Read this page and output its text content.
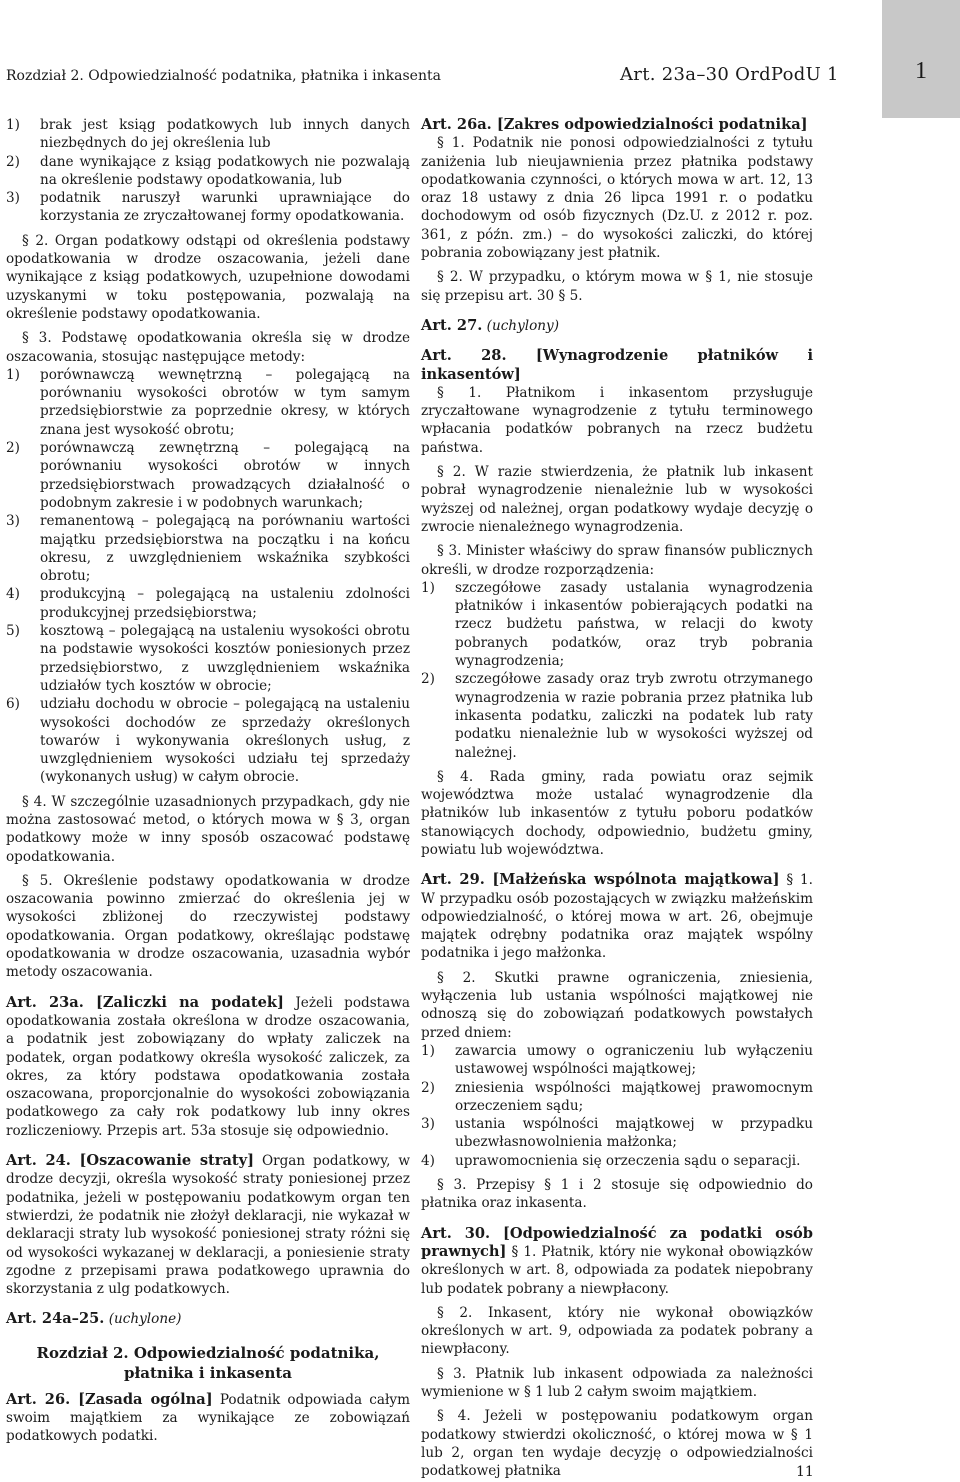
Rozdział 2. Odpowiedzialność podatnika, płatnika i inkasenta	Art. 23a–30 OrdPodU 1	1
1)	brak jest ksiąg podatkowych lub innych danych niezbędnych do jej określenia lub
2)	dane wynikające z ksiąg podatkowych nie pozwalają na określenie podstawy opodatkowania, lub
3)	podatnik naruszył warunki uprawniające do korzystania ze zryczałtowanej formy opodatkowania.

§ 2. Organ podatkowy odstąpi od określenia podstawy opodatkowania w drodze oszacowania, jeżeli dane wynikające z ksiąg podatkowych, uzupełnione dowodami uzyskanymi w toku postępowania, pozwalają na określenie podstawy opodatkowania.

§ 3. Podstawę opodatkowania określa się w drodze oszacowania, stosując następujące metody:

1)	porównawczą wewnętrzną – polegającą na porównaniu wysokości obrotów w tym samym przedsiębiorstwie za poprzednie okresy, w których znana jest wysokość obrotu;
2)	porównawczą zewnętrzną – polegającą na porównaniu wysokości obrotów w innych przedsiębiorstwach prowadzących działalność o podobnym zakresie i w podobnych warunkach;
3)	remanentową – polegającą na porównaniu wartości majątku przedsiębiorstwa na początku i na końcu okresu, z uwzględnieniem wskaźnika szybkości obrotu;
4)	produkcyjną – polegającą na ustaleniu zdolności produkcyjnej przedsiębiorstwa;
5)	kosztową – polegającą na ustaleniu wysokości obrotu na podstawie wysokości kosztów poniesionych przez przedsiębiorstwo, z uwzględnieniem wskaźnika udziałów tych kosztów w obrocie;
6)	udziału dochodu w obrocie – polegającą na ustaleniu wysokości dochodów ze sprzedaży określonych towarów i wykonywania określonych usług, z uwzględnieniem wysokości udziału tej sprzedaży (wykonanych usług) w całym obrocie.

§ 4. W szczególnie uzasadnionych przypadkach, gdy nie można zastosować metod, o których mowa w § 3, organ podatkowy może w inny sposób oszacować podstawę opodatkowania.

§ 5. Określenie podstawy opodatkowania w drodze oszacowania powinno zmierzać do określenia jej w wysokości zbliżonej do rzeczywistej podstawy opodatkowania. Organ podatkowy, określając podstawę opodatkowania w drodze oszacowania, uzasadnia wybór metody oszacowania.

Art. 23a. [Zaliczki na podatek] Jeżeli podstawa opodatkowania została określona w drodze oszacowania, a podatnik jest zobowiązany do wpłaty zaliczek na podatek, organ podatkowy określa wysokość zaliczek, za okres, za który podstawa opodatkowania została oszacowana, proporcjonalnie do wysokości zobowiązania podatkowego za cały rok podatkowy lub inny okres rozliczeniowy. Przepis art. 53a stosuje się odpowiednio.

Art. 24. [Oszacowanie straty] Organ podatkowy, w drodze decyzji, określa wysokość straty poniesionej przez podatnika, jeżeli w postępowaniu podatkowym organ ten stwierdzi, że podatnik nie złożył deklaracji, nie wykazał w deklaracji straty lub wysokość poniesionej straty różni się od wysokości wykazanej w deklaracji, a poniesienie straty zgodne z przepisami prawa podatkowego uprawnia do skorzystania z ulg podatkowych.

Art. 24a–25. (uchylone)

Rozdział 2. Odpowiedzialność podatnika, płatnika i inkasenta

Art. 26. [Zasada ogólna] Podatnik odpowiada całym swoim majątkiem za wynikające ze zobowiązań podatkowych podatki.

Art. 26a. [Zakres odpowiedzialności podatnika]

§ 1. Podatnik nie ponosi odpowiedzialności z tytułu zaniżenia lub nieujawnienia przez płatnika podstawy opodatkowania czynności, o których mowa w art. 12, 13 oraz 18 ustawy z dnia 26 lipca 1991 r. o podatku dochodowym od osób fizycznych (Dz.U. z 2012 r. poz. 361, z późn. zm.) – do wysokości zaliczki, do której pobrania zobowiązany jest płatnik.

§ 2. W przypadku, o którym mowa w § 1, nie stosuje się przepisu art. 30 § 5.

Art. 27. (uchylony)

Art. 28. [Wynagrodzenie płatników i inkasentów]

§ 1. Płatnikom i inkasentom przysługuje zryczałtowane wynagrodzenie z tytułu terminowego wpłacania podatków pobranych na rzecz budżetu państwa.

§ 2. W razie stwierdzenia, że płatnik lub inkasent pobrał wynagrodzenie nienależnie lub w wysokości wyższej od należnej, organ podatkowy wydaje decyzję o zwrocie nienależnego wynagrodzenia.

§ 3. Minister właściwy do spraw finansów publicznych określi, w drodze rozporządzenia:

1)	szczegółowe zasady ustalania wynagrodzenia płatników i inkasentów pobierających podatki na rzecz budżetu państwa, w relacji do kwoty pobranych podatków, oraz tryb pobrania wynagrodzenia;
2)	szczegółowe zasady oraz tryb zwrotu otrzymanego wynagrodzenia w razie pobrania przez płatnika lub inkasenta podatku, zaliczki na podatek lub raty podatku nienależnie lub w wysokości wyższej od należnej.

§ 4. Rada gminy, rada powiatu oraz sejmik województwa może ustalać wynagrodzenie dla płatników lub inkasentów z tytułu poboru podatków stanowiących dochody, odpowiednio, budżetu gminy, powiatu lub województwa.

Art. 29. [Małżeńska wspólnota majątkowa] § 1. W przypadku osób pozostających w związku małżeńskim odpowiedzialność, o której mowa w art. 26, obejmuje majątek odrębny podatnika oraz majątek wspólny podatnika i jego małżonka.

§ 2. Skutki prawne ograniczenia, zniesienia, wyłączenia lub ustania wspólności majątkowej nie odnoszą się do zobowiązań podatkowych powstałych przed dniem:

1)	zawarcia umowy o ograniczeniu lub wyłączeniu ustawowej wspólności majątkowej;
2)	zniesienia wspólności majątkowej prawomocnym orzeczeniem sądu;
3)	ustania wspólności majątkowej w przypadku ubezwłasnowolnienia małżonka;
4)	uprawomocnienia się orzeczenia sądu o separacji.

§ 3. Przepisy § 1 i 2 stosuje się odpowiednio do płatnika oraz inkasenta.

Art. 30. [Odpowiedzialność za podatki osób prawnych] § 1. Płatnik, który nie wykonał obowiązków określonych w art. 8, odpowiada za podatek niepobrany lub podatek pobrany a niewpłacony.

§ 2. Inkasent, który nie wykonał obowiązków określonych w art. 9, odpowiada za podatek pobrany a niewpłacony.

§ 3. Płatnik lub inkasent odpowiada za należności wymienione w § 1 lub 2 całym swoim majątkiem.

§ 4. Jeżeli w postępowaniu podatkowym organ podatkowy stwierdzi okoliczność, o której mowa w § 1 lub 2, organ ten wydaje decyzję o odpowiedzialności podatkowej płatnika	11
